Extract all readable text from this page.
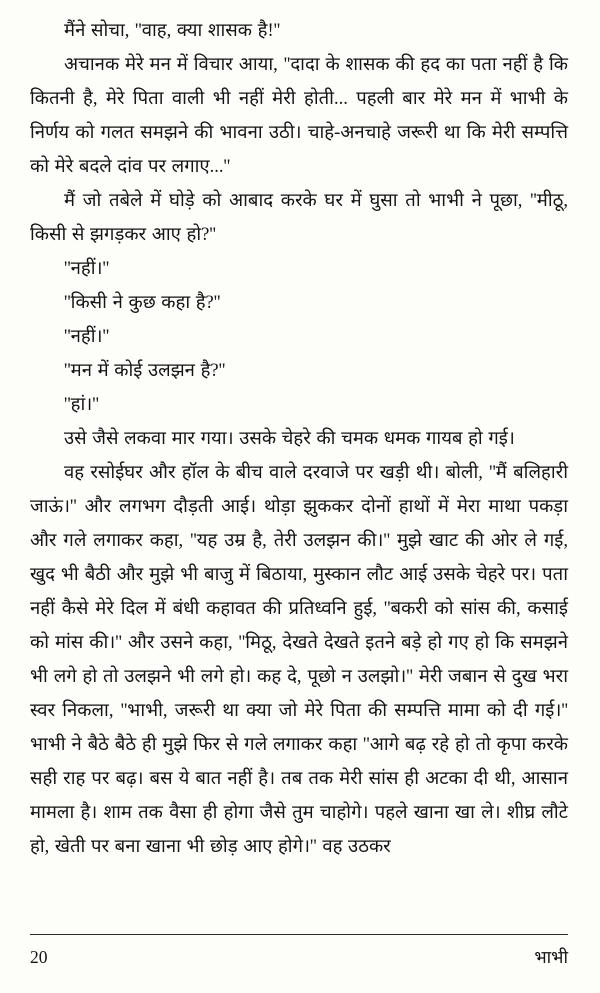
मैंने सोचा, ''वाह, क्या शासक है!''

अचानक मेरे मन में विचार आया, ''दादा के शासक की हद का पता नहीं है कि कितनी है, मेरे पिता वाली भी नहीं मेरी होती... पहली बार मेरे मन में भाभी के निर्णय को गलत समझने की भावना उठी। चाहे-अनचाहे जरूरी था कि मेरी सम्पत्ति को मेरे बदले दांव पर लगाए...''

मैं जो तबेले में घोड़े को आबाद करके घर में घुसा तो भाभी ने पूछा, ''मीठू, किसी से झगड़कर आए हो?''

''नहीं।''

''किसी ने कुछ कहा है?''

''नहीं।''

''मन में कोई उलझन है?''

''हां।''

उसे जैसे लकवा मार गया। उसके चेहरे की चमक धमक गायब हो गई।

वह रसोईघर और हॉल के बीच वाले दरवाजे पर खड़ी थी। बोली, ''मैं बलिहारी जाऊं।'' और लगभग दौड़ती आई। थोड़ा झुककर दोनों हाथों में मेरा माथा पकड़ा और गले लगाकर कहा, ''यह उम्र है, तेरी उलझन की।'' मुझे खाट की ओर ले गई, खुद भी बैठी और मुझे भी बाजु में बिठाया, मुस्कान लौट आई उसके चेहरे पर। पता नहीं कैसे मेरे दिल में बंधी कहावत की प्रतिध्वनि हुई, ''बकरी को सांस की, कसाई को मांस की।'' और उसने कहा, ''मिठू, देखते देखते इतने बड़े हो गए हो कि समझने भी लगे हो तो उलझने भी लगे हो। कह दे, पूछो न उलझो।'' मेरी जबान से दुख भरा स्वर निकला, ''भाभी, जरूरी था क्या जो मेरे पिता की सम्पत्ति मामा को दी गई।'' भाभी ने बैठे बैठे ही मुझे फिर से गले लगाकर कहा ''आगे बढ़ रहे हो तो कृपा करके सही राह पर बढ़। बस ये बात नहीं है। तब तक मेरी सांस ही अटका दी थी, आसान मामला है। शाम तक वैसा ही होगा जैसे तुम चाहोगे। पहले खाना खा ले। शीघ्र लौटे हो, खेती पर बना खाना भी छोड़ आए होगे।'' वह उठकर

20	भाभी
